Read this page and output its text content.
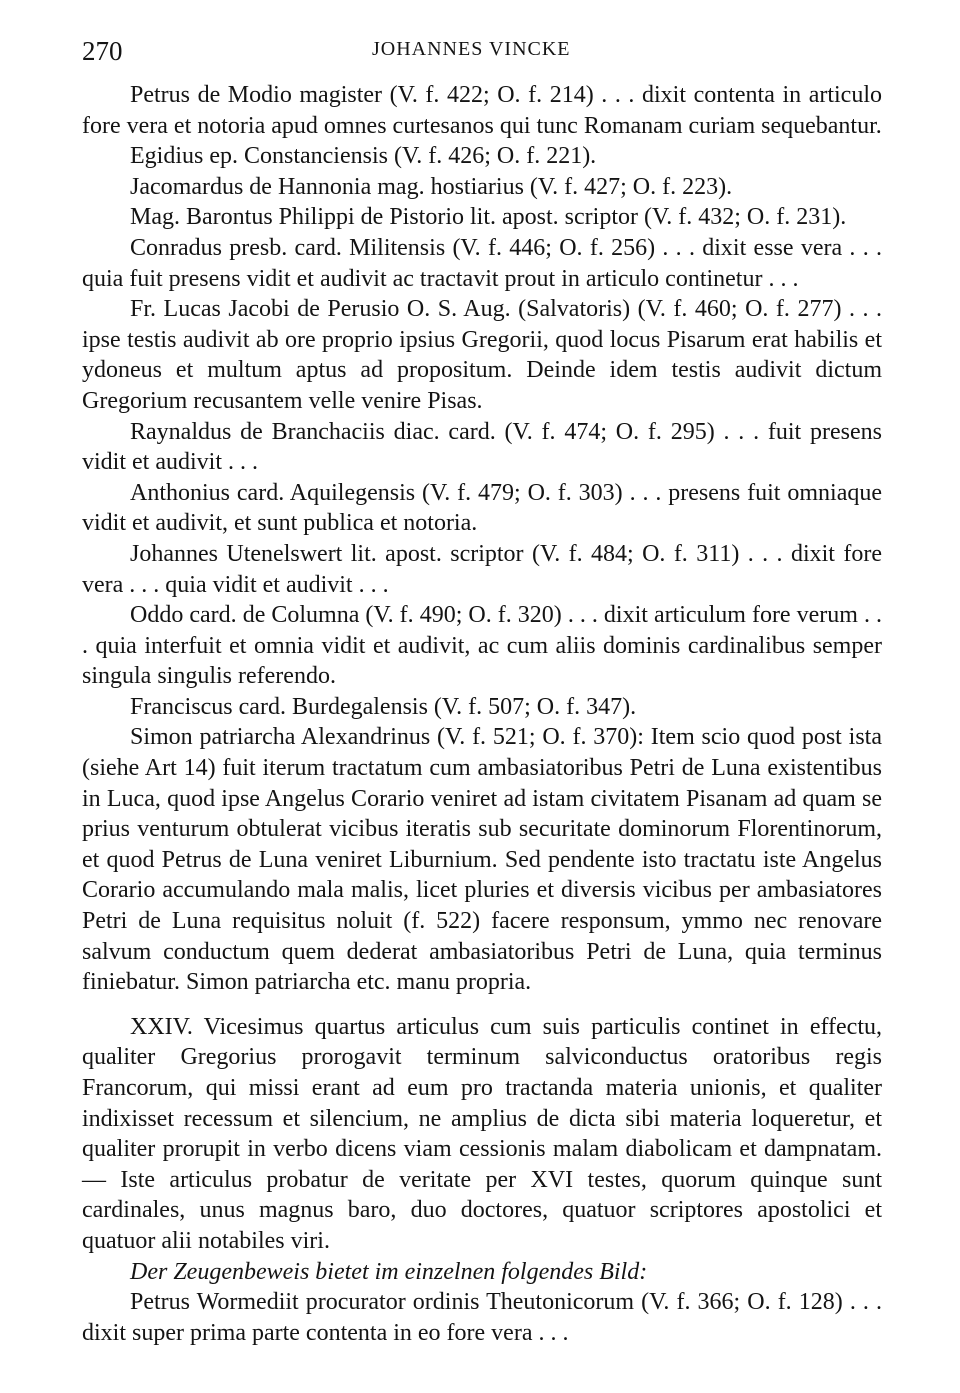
270	JOHANNES VINCKE

Petrus de Modio magister (V. f. 422; O. f. 214) . . . dixit contenta in articulo fore vera et notoria apud omnes curtesanos qui tunc Romanam curiam sequebantur.

Egidius ep. Constanciensis (V. f. 426; O. f. 221).

Jacomardus de Hannonia mag. hostiarius (V. f. 427; O. f. 223).

Mag. Barontus Philippi de Pistorio lit. apost. scriptor (V. f. 432; O. f. 231).

Conradus presb. card. Militensis (V. f. 446; O. f. 256) . . . dixit esse vera . . . quia fuit presens vidit et audivit ac tractavit prout in articulo continetur . . .

Fr. Lucas Jacobi de Perusio O. S. Aug. (Salvatoris) (V. f. 460; O. f. 277) . . . ipse testis audivit ab ore proprio ipsius Gregorii, quod locus Pisarum erat habilis et ydoneus et multum aptus ad propositum. Deinde idem testis audivit dictum Gregorium recusantem velle venire Pisas.

Raynaldus de Branchaciis diac. card. (V. f. 474; O. f. 295) . . . fuit presens vidit et audivit . . .

Anthonius card. Aquilegensis (V. f. 479; O. f. 303) . . . presens fuit omniaque vidit et audivit, et sunt publica et notoria.

Johannes Utenelswert lit. apost. scriptor (V. f. 484; O. f. 311) . . . dixit fore vera . . . quia vidit et audivit . . .

Oddo card. de Columna (V. f. 490; O. f. 320) . . . dixit articulum fore verum . . . quia interfuit et omnia vidit et audivit, ac cum aliis dominis cardinalibus semper singula singulis referendo.

Franciscus card. Burdegalensis (V. f. 507; O. f. 347).

Simon patriarcha Alexandrinus (V. f. 521; O. f. 370): Item scio quod post ista (siehe Art 14) fuit iterum tractatum cum ambasiatoribus Petri de Luna existentibus in Luca, quod ipse Angelus Corario veniret ad istam civitatem Pisanam ad quam se prius venturum obtulerat vicibus iteratis sub securitate dominorum Florentinorum, et quod Petrus de Luna veniret Liburnium. Sed pendente isto tractatu iste Angelus Corario accumulando mala malis, licet pluries et diversis vicibus per ambasiatores Petri de Luna requisitus noluit (f. 522) facere responsum, ymmo nec renovare salvum conductum quem dederat ambasiatoribus Petri de Luna, quia terminus finiebatur. Simon patriarcha etc. manu propria.

XXIV. Vicesimus quartus articulus cum suis particulis continet in effectu, qualiter Gregorius prorogavit terminum salviconductus oratoribus regis Francorum, qui missi erant ad eum pro tractanda materia unionis, et qualiter indixisset recessum et silencium, ne amplius de dicta sibi materia loqueretur, et qualiter prorupit in verbo dicens viam cessionis malam diabolicam et dampnatam. — Iste articulus probatur de veritate per XVI testes, quorum quinque sunt cardinales, unus magnus baro, duo doctores, quatuor scriptores apostolici et quatuor alii notabiles viri.

Der Zeugenbeweis bietet im einzelnen folgendes Bild:

Petrus Wormediit procurator ordinis Theutonicorum (V. f. 366; O. f. 128) . . . dixit super prima parte contenta in eo fore vera . . .
